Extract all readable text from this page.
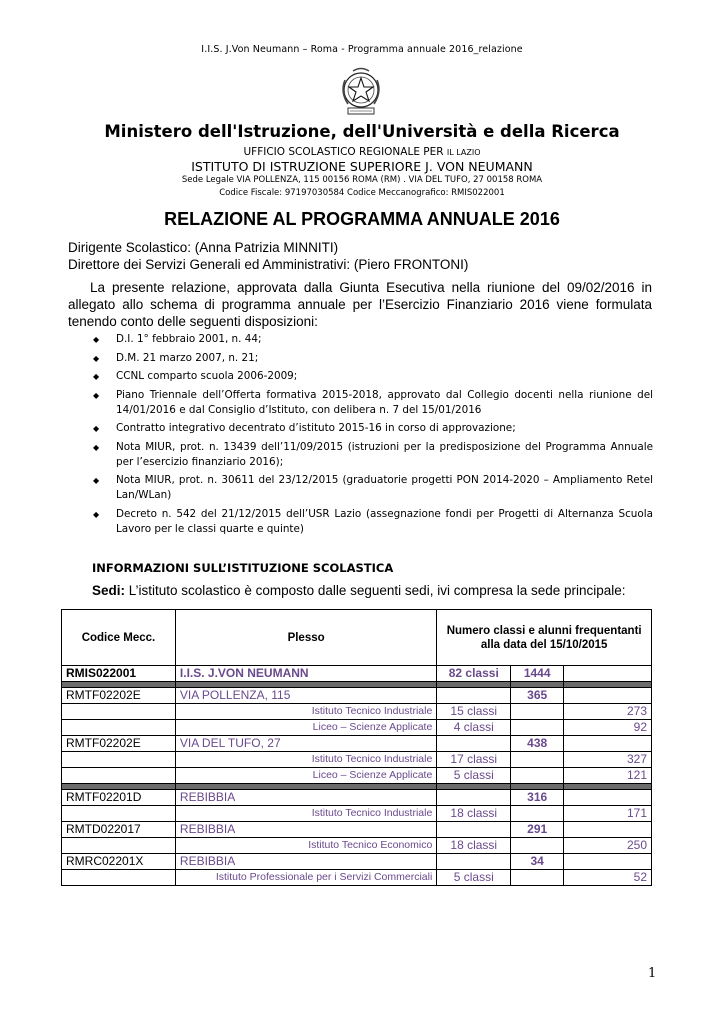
I.I.S. J.Von Neumann – Roma - Programma annuale 2016_relazione
Ministero dell'Istruzione, dell'Università e della Ricerca
UFFICIO SCOLASTICO REGIONALE PER IL LAZIO
ISTITUTO DI ISTRUZIONE SUPERIORE J. VON NEUMANN
Sede Legale VIA POLLENZA, 115 00156 ROMA (RM) . VIA DEL TUFO, 27 00158 ROMA
Codice Fiscale: 97197030584 Codice Meccanografico: RMIS022001
RELAZIONE AL PROGRAMMA ANNUALE 2016
Dirigente Scolastico: (Anna Patrizia MINNITI)
Direttore dei Servizi Generali ed Amministrativi: (Piero FRONTONI)
La presente relazione, approvata dalla Giunta Esecutiva nella riunione del 09/02/2016 in allegato allo schema di programma annuale per l’Esercizio Finanziario 2016 viene formulata tenendo conto delle seguenti disposizioni:
◆ D.I. 1° febbraio 2001, n. 44;
◆ D.M. 21 marzo 2007, n. 21;
◆ CCNL comparto scuola 2006-2009;
◆ Piano Triennale dell’Offerta formativa 2015-2018, approvato dal Collegio docenti nella riunione del 14/01/2016 e dal Consiglio d’Istituto, con delibera n. 7 del 15/01/2016
◆ Contratto integrativo decentrato d’istituto 2015-16 in corso di approvazione;
◆ Nota MIUR, prot. n. 13439 dell’11/09/2015 (istruzioni per la predisposizione del Programma Annuale per l’esercizio finanziario 2016);
◆ Nota MIUR, prot. n. 30611 del 23/12/2015 (graduatorie progetti PON 2014-2020 – Ampliamento Retel Lan/WLan)
◆ Decreto n. 542 del 21/12/2015 dell’USR Lazio (assegnazione fondi per Progetti di Alternanza Scuola Lavoro per le classi quarte e quinte)
INFORMAZIONI SULL’ISTITUZIONE SCOLASTICA
Sedi: L’istituto scolastico è composto dalle seguenti sedi, ivi compresa la sede principale:
Codice Mecc.	Plesso	Numero classi e alunni frequentanti alla data del 15/10/2015		
RMIS022001	I.I.S. J.VON NEUMANN	82 classi	1444	

RMTF02202E	VIA POLLENZA, 115		365	
	Istituto Tecnico Industriale	15 classi		273
	Liceo – Scienze Applicate	4 classi		92
RMTF02202E	VIA DEL TUFO, 27		438	
	Istituto Tecnico Industriale	17 classi		327
	Liceo – Scienze Applicate	5 classi		121

RMTF02201D	REBIBBIA		316	
	Istituto Tecnico Industriale	18 classi		171
RMTD022017	REBIBBIA		291	
	Istituto Tecnico Economico	18 classi		250
RMRC02201X	REBIBBIA		34	
	Istituto Professionale per i Servizi Commerciali	5 classi		52
1
